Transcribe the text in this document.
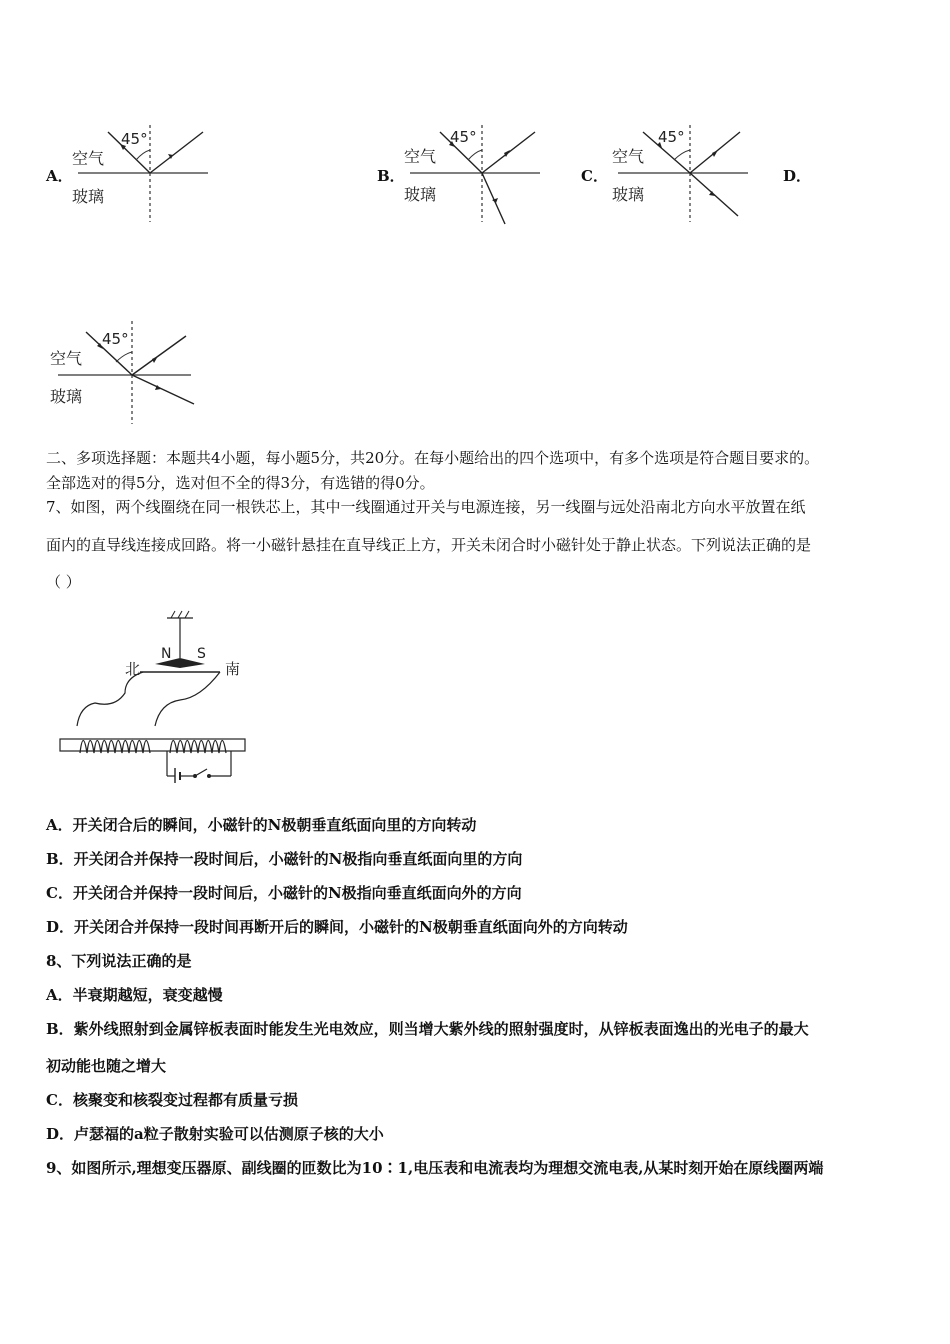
A．
45°
空气
玻璃
B．
45°
空气
玻璃
C．
45°
空气
玻璃
D．
45°
空气
玻璃
二、多项选择题：本题共4小题，每小题5分，共20分。在每小题给出的四个选项中，有多个选项是符合题目要求的。
全部选对的得5分，选对但不全的得3分，有选错的得0分。
7、如图，两个线圈绕在同一根铁芯上，其中一线圈通过开关与电源连接，另一线圈与远处沿南北方向水平放置在纸
面内的直导线连接成回路。将一小磁针悬挂在直导线正上方，开关未闭合时小磁针处于静止状态。下列说法正确的是
（ ）
N S
北	南
A．开关闭合后的瞬间，小磁针的N极朝垂直纸面向里的方向转动
B．开关闭合并保持一段时间后，小磁针的N极指向垂直纸面向里的方向
C．开关闭合并保持一段时间后，小磁针的N极指向垂直纸面向外的方向
D．开关闭合并保持一段时间再断开后的瞬间，小磁针的N极朝垂直纸面向外的方向转动
8、下列说法正确的是
A．半衰期越短，衰变越慢
B．紫外线照射到金属锌板表面时能发生光电效应，则当增大紫外线的照射强度时，从锌板表面逸出的光电子的最大
初动能也随之增大
C．核聚变和核裂变过程都有质量亏损
D．卢瑟福的a粒子散射实验可以估测原子核的大小
9、如图所示,理想变压器原、副线圈的匝数比为10∶1,电压表和电流表均为理想交流电表,从某时刻开始在原线圈两端
